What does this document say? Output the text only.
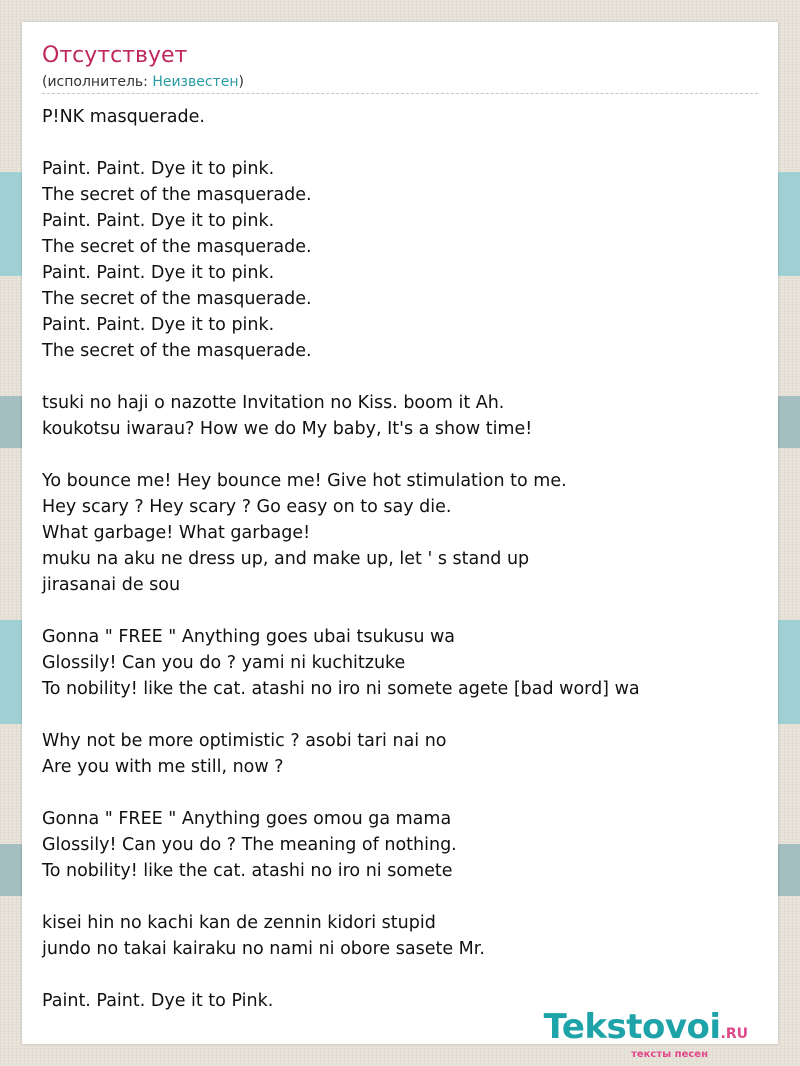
Отсутствует
(исполнитель: Неизвестен)
P!NK masquerade.
Paint. Paint. Dye it to pink.
The secret of the masquerade.
Paint. Paint. Dye it to pink.
The secret of the masquerade.
Paint. Paint. Dye it to pink.
The secret of the masquerade.
Paint. Paint. Dye it to pink.
The secret of the masquerade.
tsuki no haji o nazotte Invitation no Kiss. boom it Ah.
koukotsu iwarau? How we do My baby, It's a show time!
Yo bounce me! Hey bounce me! Give hot stimulation to me.
Hey scary ? Hey scary ? Go easy on to say die.
What garbage! What garbage!
muku na aku ne dress up, and make up, let ' s stand up
jirasanai de sou
Gonna " FREE " Anything goes ubai tsukusu wa
Glossily! Can you do ? yami ni kuchitzuke
To nobility! like the cat. atashi no iro ni somete agete [bad word] wa
Why not be more optimistic ? asobi tari nai no
Are you with me still, now ?
Gonna " FREE " Anything goes omou ga mama
Glossily! Can you do ? The meaning of nothing.
To nobility! like the cat. atashi no iro ni somete
kisei hin no kachi kan de zennin kidori stupid
jundo no takai kairaku no nami ni obore sasete Mr.
Paint. Paint. Dye it to Pink.
Tekstovoi.RU
тексты песен
